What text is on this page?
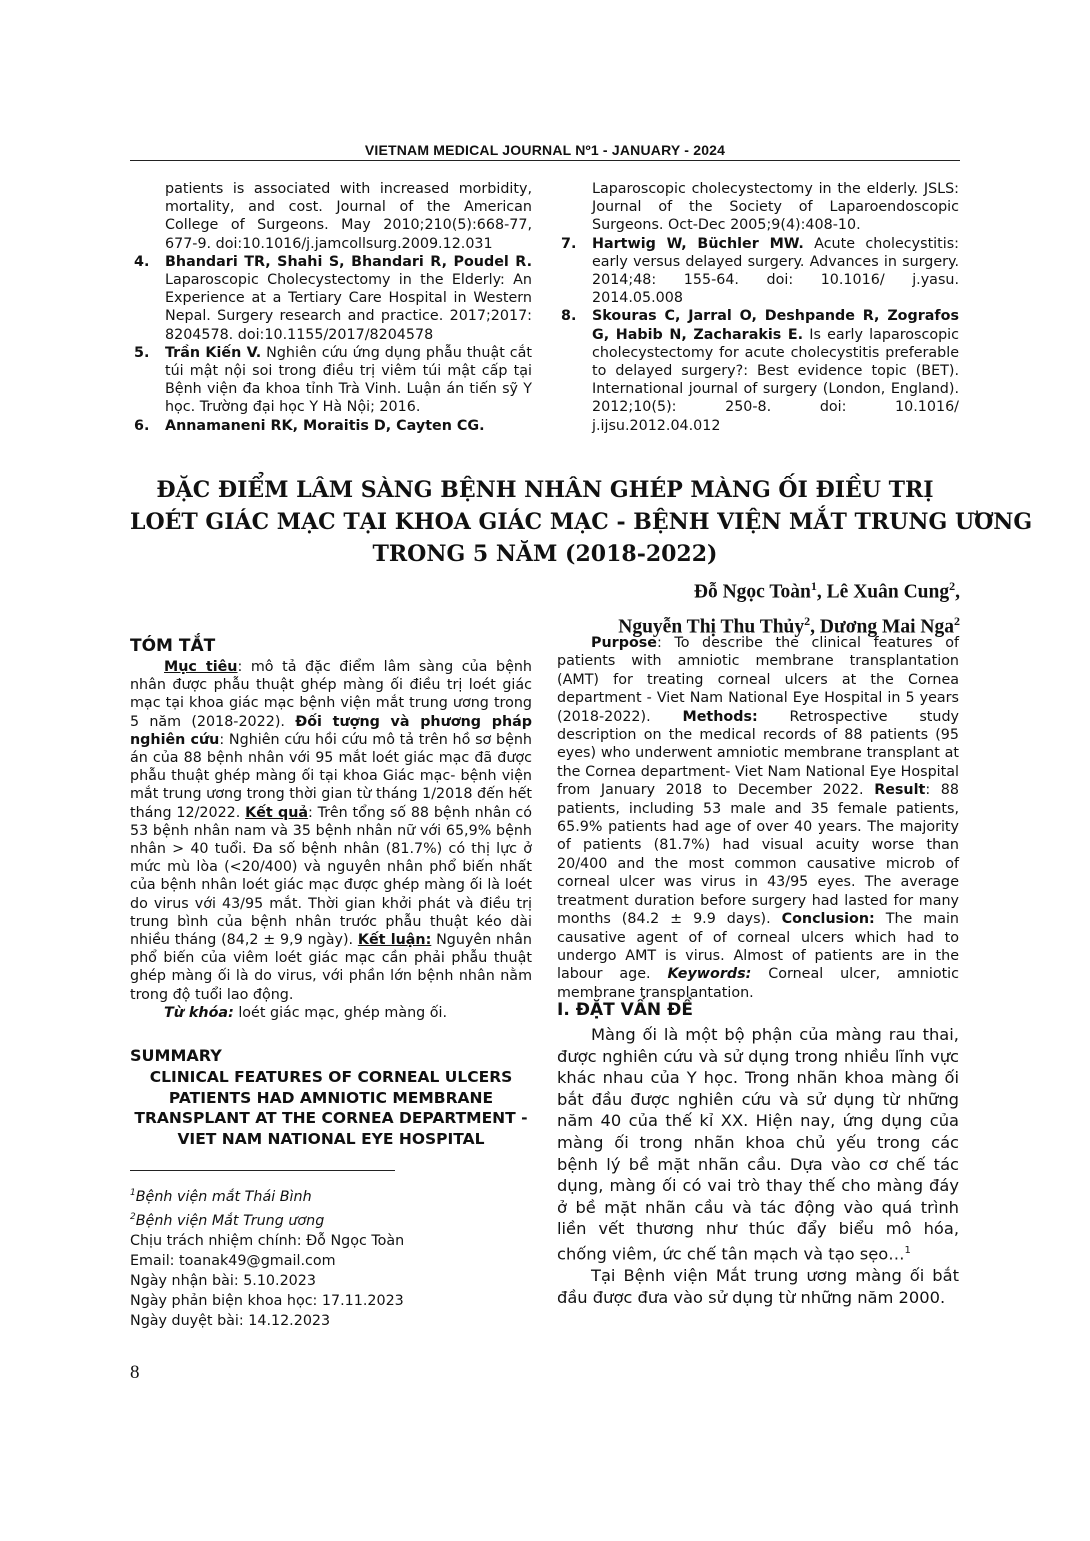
VIETNAM MEDICAL JOURNAL Nº1 - JANUARY - 2024

patients is associated with increased morbidity, mortality, and cost. Journal of the American College of Surgeons. May 2010;210(5):668-77, 677-9. doi:10.1016/j.jamcollsurg.2009.12.031

4. Bhandari TR, Shahi S, Bhandari R, Poudel R. Laparoscopic Cholecystectomy in the Elderly: An Experience at a Tertiary Care Hospital in Western Nepal. Surgery research and practice. 2017;2017: 8204578. doi:10.1155/2017/8204578

5. Trần Kiến V. Nghiên cứu ứng dụng phẫu thuật cắt túi mật nội soi trong điều trị viêm túi mật cấp tại Bệnh viện đa khoa tỉnh Trà Vinh. Luận án tiến sỹ Y học. Trường đại học Y Hà Nội; 2016.

6. Annamaneni RK, Moraitis D, Cayten CG.

Laparoscopic cholecystectomy in the elderly. JSLS: Journal of the Society of Laparoendoscopic Surgeons. Oct-Dec 2005;9(4):408-10.

7. Hartwig W, Büchler MW. Acute cholecystitis: early versus delayed surgery. Advances in surgery. 2014;48: 155-64. doi: 10.1016/ j.yasu. 2014.05.008

8. Skouras C, Jarral O, Deshpande R, Zografos G, Habib N, Zacharakis E. Is early laparoscopic cholecystectomy for acute cholecystitis preferable to delayed surgery?: Best evidence topic (BET). International journal of surgery (London, England). 2012;10(5): 250-8. doi: 10.1016/ j.ijsu.2012.04.012

ĐẶC ĐIỂM LÂM SÀNG BỆNH NHÂN GHÉP MÀNG ỐI ĐIỀU TRỊ
LOÉT GIÁC MẠC TẠI KHOA GIÁC MẠC - BỆNH VIỆN MẮT TRUNG ƯƠNG
TRONG 5 NĂM (2018-2022)
Đỗ Ngọc Toàn$^1$, Lê Xuân Cung$^2$,
Nguyễn Thị Thu Thủy$^2$, Dương Mai Nga$^2$
TÓM TẮT

Mục tiêu: mô tả đặc điểm lâm sàng của bệnh nhân được phẫu thuật ghép màng ối điều trị loét giác mạc tại khoa giác mạc bệnh viện mắt trung ương trong 5 năm (2018-2022). Đối tượng và phương pháp nghiên cứu: Nghiên cứu hồi cứu mô tả trên hồ sơ bệnh án của 88 bệnh nhân với 95 mắt loét giác mạc đã được phẫu thuật ghép màng ối tại khoa Giác mạc- bệnh viện mắt trung ương trong thời gian từ tháng 1/2018 đến hết tháng 12/2022. Kết quả: Trên tổng số 88 bệnh nhân có 53 bệnh nhân nam và 35 bệnh nhân nữ với 65,9% bệnh nhân > 40 tuổi. Đa số bệnh nhân (81.7%) có thị lực ở mức mù lòa (<20/400) và nguyên nhân phổ biến nhất của bệnh nhân loét giác mạc được ghép màng ối là loét do virus với 43/95 mắt. Thời gian khởi phát và điều trị trung bình của bệnh nhân trước phẫu thuật kéo dài nhiều tháng (84,2 ± 9,9 ngày). Kết luận: Nguyên nhân phổ biến của viêm loét giác mạc cần phải phẫu thuật ghép màng ối là do virus, với phần lớn bệnh nhân nằm trong độ tuổi lao động.

Từ khóa: loét giác mạc, ghép màng ối.

SUMMARY
CLINICAL FEATURES OF CORNEAL ULCERS PATIENTS HAD AMNIOTIC MEMBRANE TRANSPLANT AT THE CORNEA DEPARTMENT - VIET NAM NATIONAL EYE HOSPITAL
$^1$Bệnh viện mắt Thái Bình
$^2$Bệnh viện Mắt Trung ương
Chịu trách nhiệm chính: Đỗ Ngọc Toàn
Email: toanak49@gmail.com
Ngày nhận bài: 5.10.2023
Ngày phản biện khoa học: 17.11.2023
Ngày duyệt bài: 14.12.2023

Purpose: To describe the clinical features of patients with amniotic membrane transplantation (AMT) for treating corneal ulcers at the Cornea department - Viet Nam National Eye Hospital in 5 years (2018-2022). Methods: Retrospective study description on the medical records of 88 patients (95 eyes) who underwent amniotic membrane transplant at the Cornea department- Viet Nam National Eye Hospital from January 2018 to December 2022. Result: 88 patients, including 53 male and 35 female patients, 65.9% patients had age of over 40 years. The majority of patients (81.7%) had visual acuity worse than 20/400 and the most common causative microb of corneal ulcer was virus in 43/95 eyes. The average treatment duration before surgery had lasted for many months (84.2 ± 9.9 days). Conclusion: The main causative agent of of corneal ulcers which had to undergo AMT is virus. Almost of patients are in the labour age. Keywords: Corneal ulcer, amniotic membrane transplantation.

I. ĐẶT VẤN ĐỀ

Màng ối là một bộ phận của màng rau thai, được nghiên cứu và sử dụng trong nhiều lĩnh vực khác nhau của Y học. Trong nhãn khoa màng ối bắt đầu được nghiên cứu và sử dụng từ những năm 40 của thế kỉ XX. Hiện nay, ứng dụng của màng ối trong nhãn khoa chủ yếu trong các bệnh lý bề mặt nhãn cầu. Dựa vào cơ chế tác dụng, màng ối có vai trò thay thế cho màng đáy ở bề mặt nhãn cầu và tác động vào quá trình liền vết thương như thúc đẩy biểu mô hóa, chống viêm, ức chế tân mạch và tạo sẹo…$^1$

Tại Bệnh viện Mắt trung ương màng ối bắt đầu được đưa vào sử dụng từ những năm 2000.

8
